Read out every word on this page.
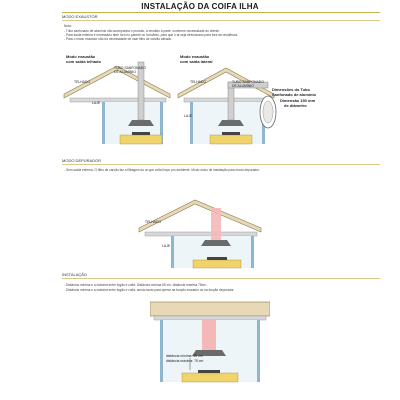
INSTALAÇÃO DA COIFA ILHA
MODO EXAUSTOR
Nota:
- Tubo sanfonado de alumínio não acompanha o produto, à vendido à parte, conforme necessidade do cliente.
- Para saída externa é necessário abrir furo no parede ou forro/teto, para que o ar seja direcionado para fora da residência.
- Para o modo exaustor não há necessidade de usar filtro de carvão ativado.
Modo exaustão
com saída telhado
TELHADO
TUBO SANFONADO
DE ALUMÍNIO
LAJE
Modo exaustão
com saída lateral
TELHADO	TUBO SANFONADO
DE ALUMÍNIO
LAJE
Dimensões do Tubo
Sanfonado de alumínio
Dimensão 150 mm
de diâmetro
MODO DEPURADOR
- Sem saída externa. O filtro de carvão faz a filtragem do ar que volta limpo pro ambiente. Modo único de instalação para modo depurador.
TELHADO
LAJE
INSTALAÇÃO
- Distância mínima e a máxima entre fogão e coifa. Distância mínima 65 cm, distância máxima 75cm.
- Distância mínima e a máxima entre fogão e coifa, sendo tanto para operar na função exaustor ou na função depurador.
distância mínima: 65 cm
distância máxima: 75 cm
